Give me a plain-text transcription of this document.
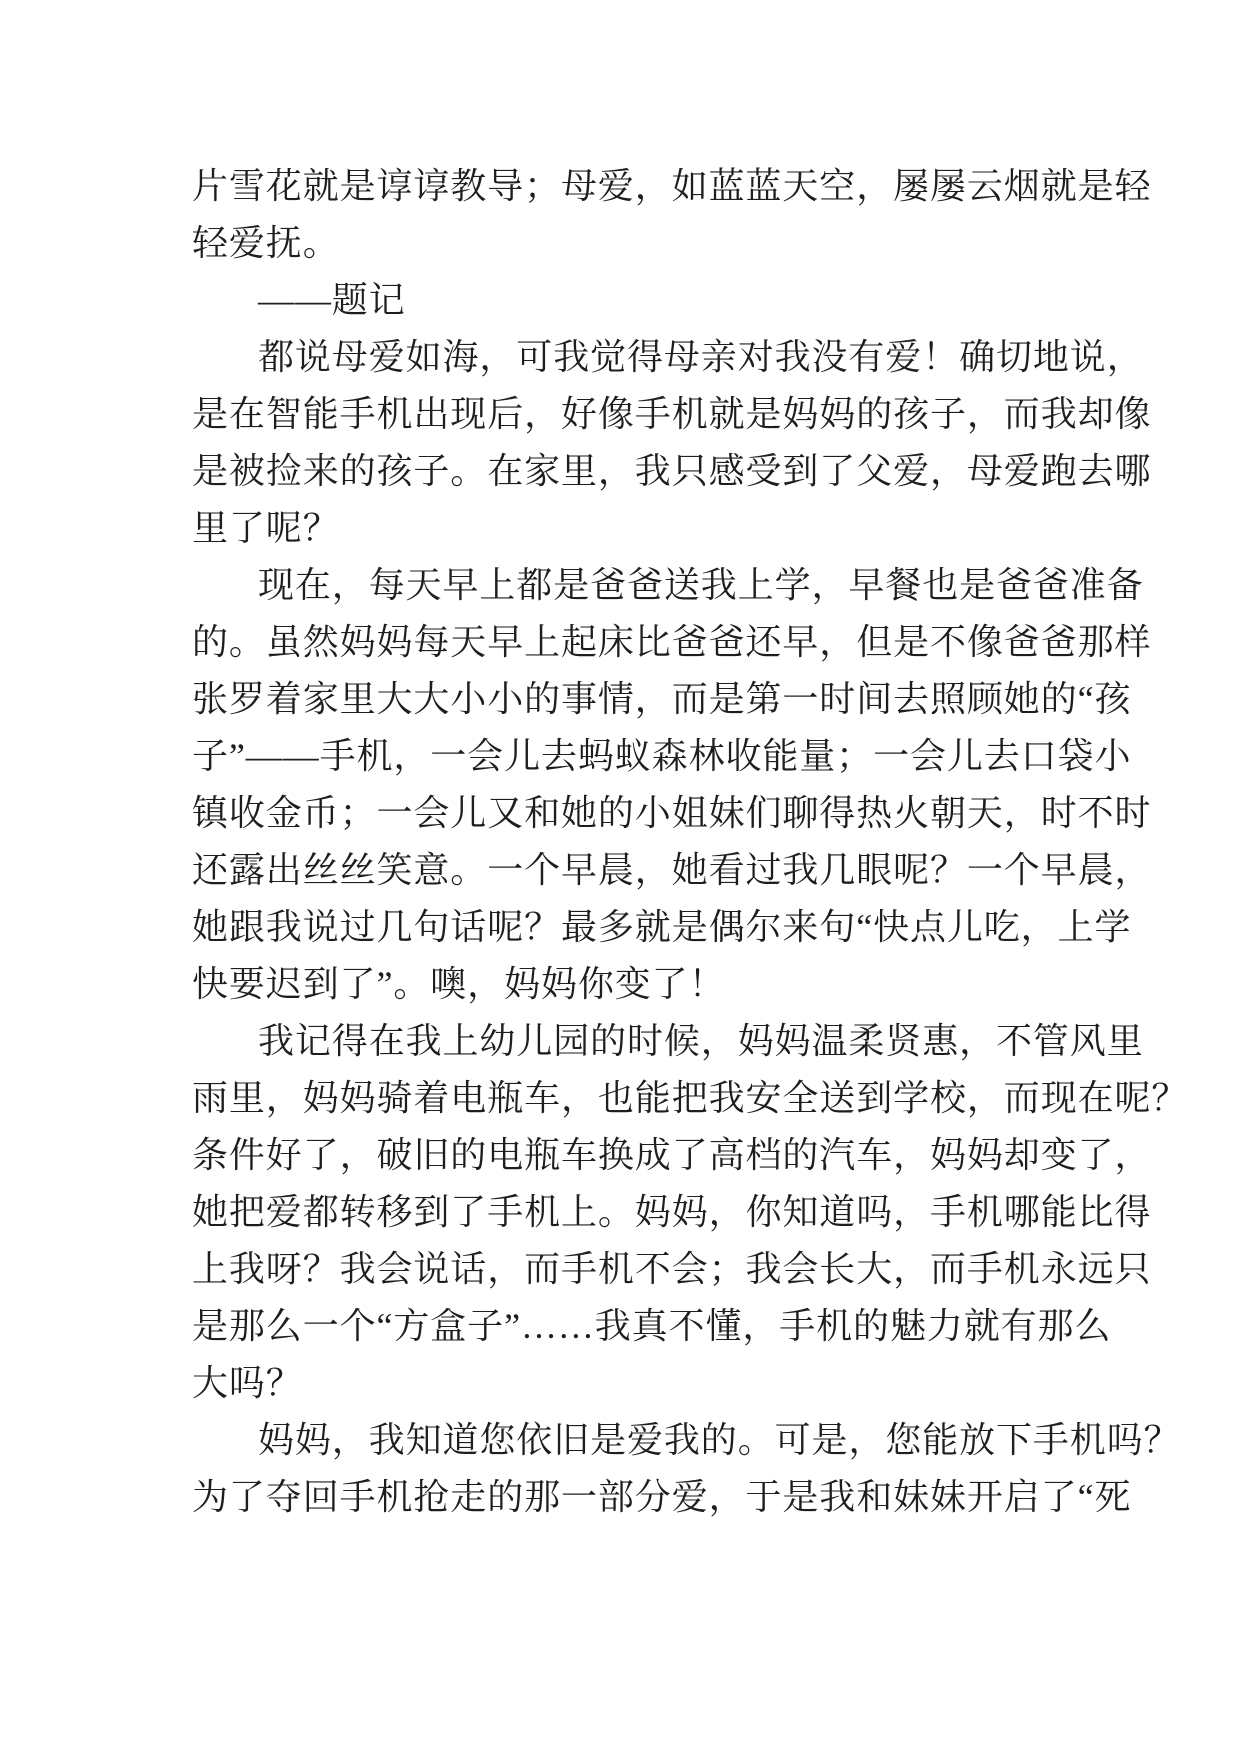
片雪花就是谆谆教导；母爱，如蓝蓝天空，屡屡云烟就是轻
轻爱抚。
——题记
都说母爱如海，可我觉得母亲对我没有爱！确切地说，
是在智能手机出现后，好像手机就是妈妈的孩子，而我却像
是被捡来的孩子。在家里，我只感受到了父爱，母爱跑去哪
里了呢？
现在，每天早上都是爸爸送我上学，早餐也是爸爸准备
的。虽然妈妈每天早上起床比爸爸还早，但是不像爸爸那样
张罗着家里大大小小的事情，而是第一时间去照顾她的“孩
子”——手机，一会儿去蚂蚁森林收能量；一会儿去口袋小
镇收金币；一会儿又和她的小姐妹们聊得热火朝天，时不时
还露出丝丝笑意。一个早晨，她看过我几眼呢？一个早晨，
她跟我说过几句话呢？最多就是偶尔来句“快点儿吃，上学
快要迟到了”。噢，妈妈你变了！
我记得在我上幼儿园的时候，妈妈温柔贤惠，不管风里
雨里，妈妈骑着电瓶车，也能把我安全送到学校，而现在呢？
条件好了，破旧的电瓶车换成了高档的汽车，妈妈却变了，
她把爱都转移到了手机上。妈妈，你知道吗，手机哪能比得
上我呀？我会说话，而手机不会；我会长大，而手机永远只
是那么一个“方盒子”……我真不懂，手机的魅力就有那么
大吗？
妈妈，我知道您依旧是爱我的。可是，您能放下手机吗？
为了夺回手机抢走的那一部分爱，于是我和妹妹开启了“死
